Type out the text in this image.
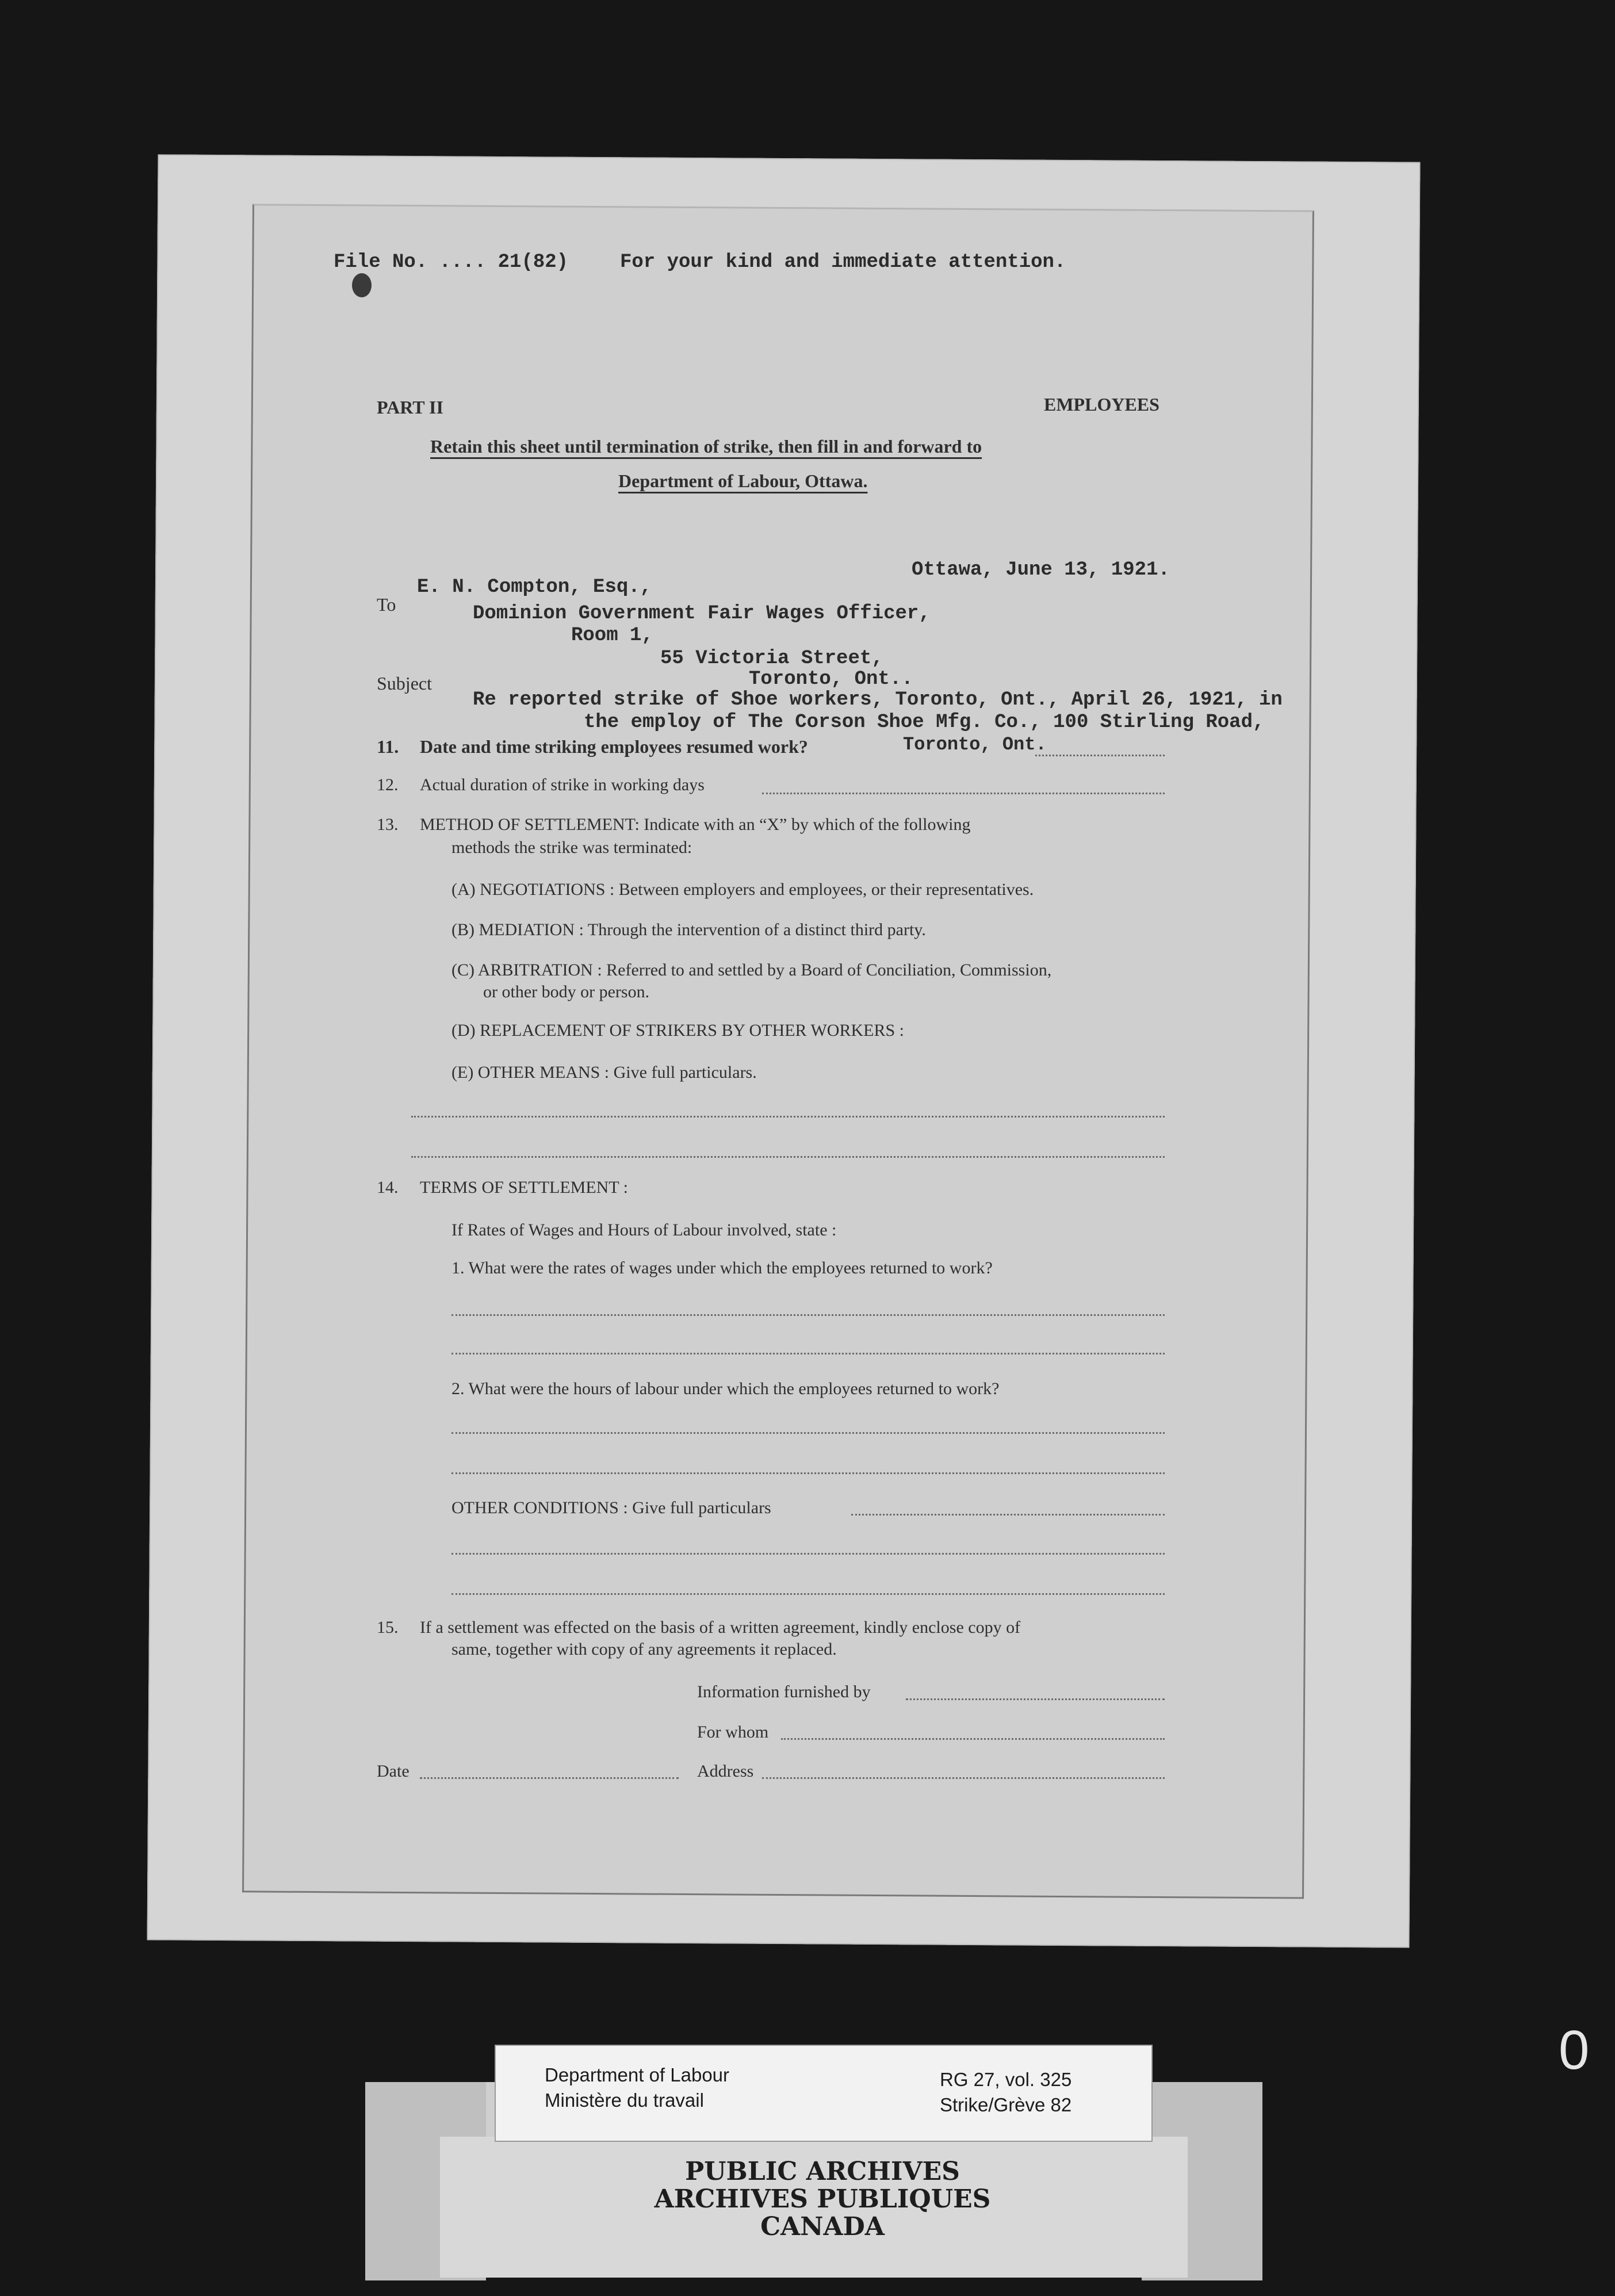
File No. .... 21(82)	For your kind and immediate attention.
PART II	EMPLOYEES
Retain this sheet until termination of strike, then fill in and forward to
Department of Labour, Ottawa.
Ottawa, June 13, 1921.
To
E. N. Compton, Esq.,
Dominion Government Fair Wages Officer,
Room 1,
55 Victoria Street,
Toronto, Ont..
Subject
Re reported strike of Shoe workers, Toronto, Ont., April 26, 1921, in
the employ of The Corson Shoe Mfg. Co., 100 Stirling Road,
11. Date and time striking employees resumed work?	Toronto, Ont.
12. Actual duration of strike in working days
13. METHOD OF SETTLEMENT: Indicate with an “X” by which of the following
methods the strike was terminated:
(A) NEGOTIATIONS : Between employers and employees, or their representatives.
(B) MEDIATION : Through the intervention of a distinct third party.
(C) ARBITRATION : Referred to and settled by a Board of Conciliation, Commission,
or other body or person.
(D) REPLACEMENT OF STRIKERS BY OTHER WORKERS :
(E) OTHER MEANS : Give full particulars.
14. TERMS OF SETTLEMENT :
If Rates of Wages and Hours of Labour involved, state :
1. What were the rates of wages under which the employees returned to work?
2. What were the hours of labour under which the employees returned to work?
OTHER CONDITIONS : Give full particulars
15. If a settlement was effected on the basis of a written agreement, kindly enclose copy of
same, together with copy of any agreements it replaced.
Information furnished by
For whom
Date	Address
Department of Labour
Ministère du travail
RG 27, vol. 325
Strike/Grève 82
PUBLIC ARCHIVES
ARCHIVES PUBLIQUES
CANADA
0
